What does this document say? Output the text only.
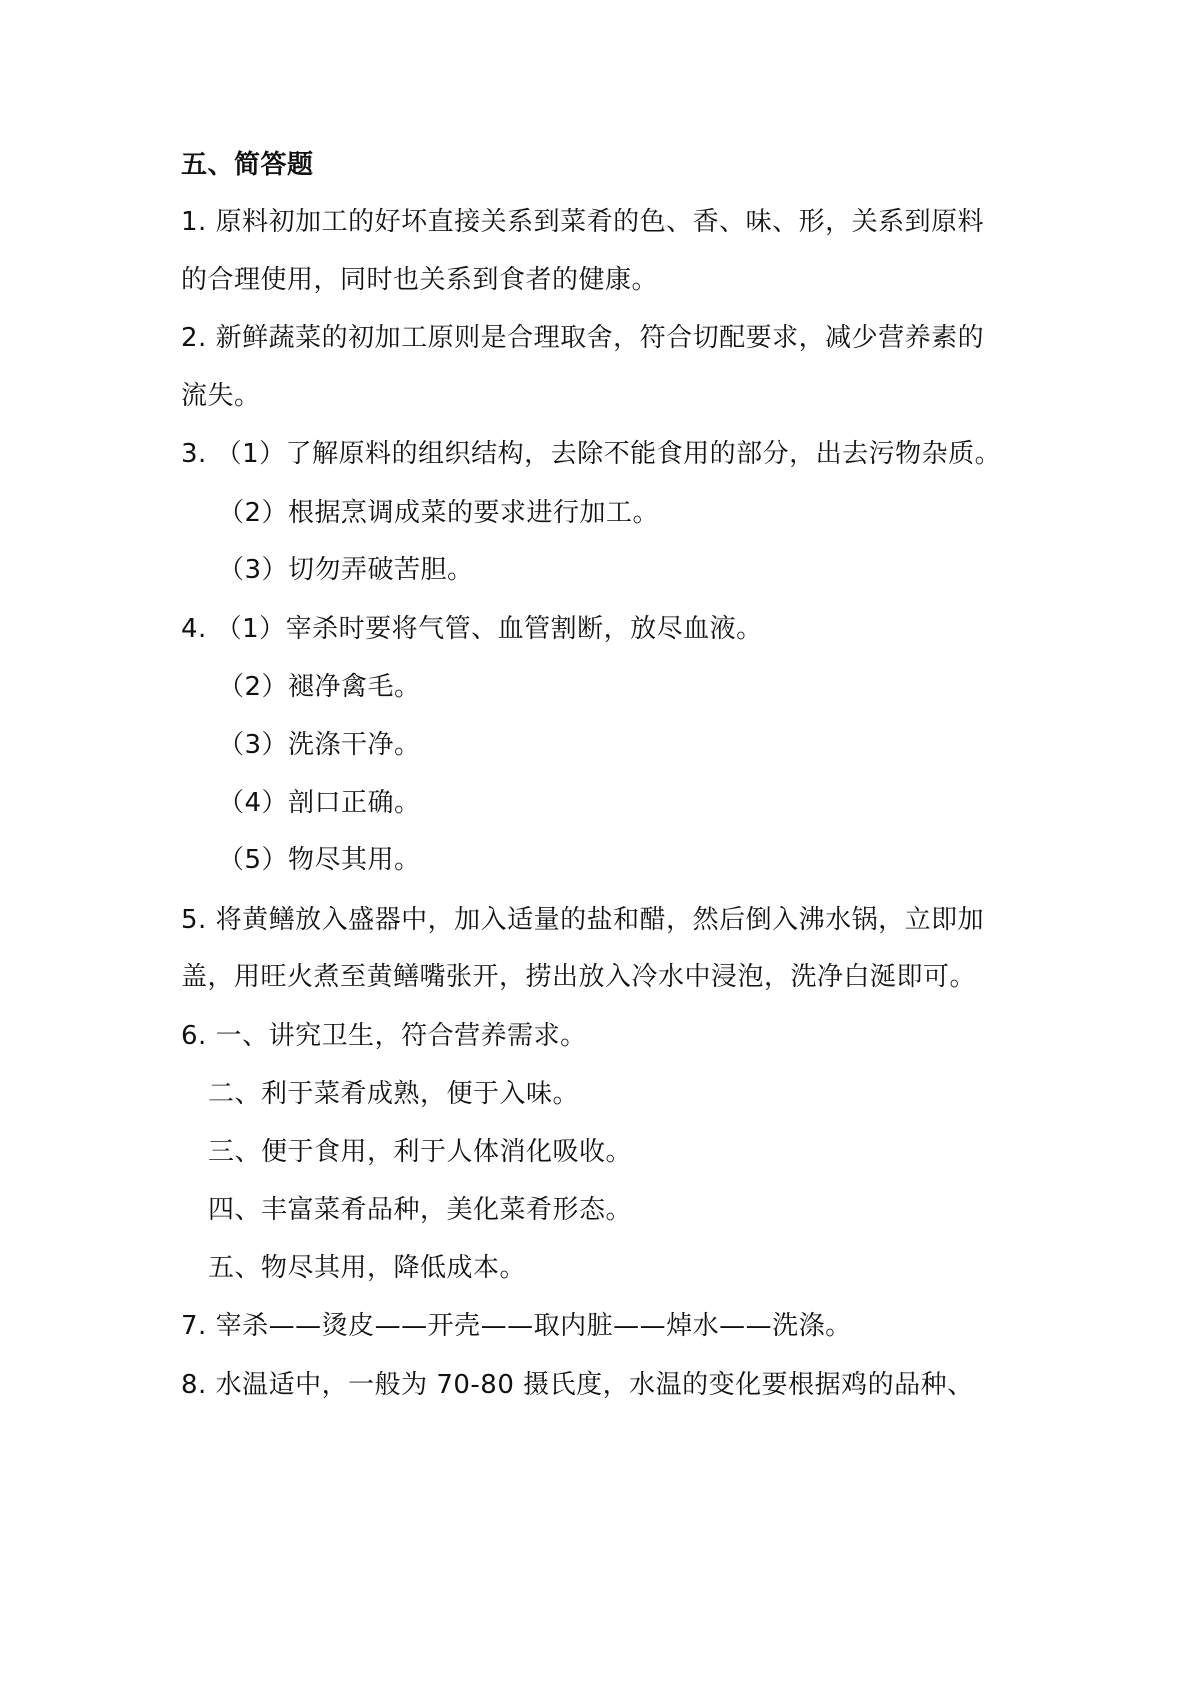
五、简答题
1. 原料初加工的好坏直接关系到菜肴的色、香、味、形，关系到原料
的合理使用，同时也关系到食者的健康。
2. 新鲜蔬菜的初加工原则是合理取舍，符合切配要求，减少营养素的
流失。
3. （1）了解原料的组织结构，去除不能食用的部分，出去污物杂质。
（2）根据烹调成菜的要求进行加工。
（3）切勿弄破苦胆。
4. （1）宰杀时要将气管、血管割断，放尽血液。
（2）褪净禽毛。
（3）洗涤干净。
（4）剖口正确。
（5）物尽其用。
5. 将黄鳝放入盛器中，加入适量的盐和醋，然后倒入沸水锅，立即加
盖，用旺火煮至黄鳝嘴张开，捞出放入冷水中浸泡，洗净白涎即可。
6. 一、讲究卫生，符合营养需求。
二、利于菜肴成熟，便于入味。
三、便于食用，利于人体消化吸收。
四、丰富菜肴品种，美化菜肴形态。
五、物尽其用，降低成本。
7. 宰杀——烫皮——开壳——取内脏——焯水——洗涤。
8. 水温适中，一般为 70-80 摄氏度，水温的变化要根据鸡的品种、
